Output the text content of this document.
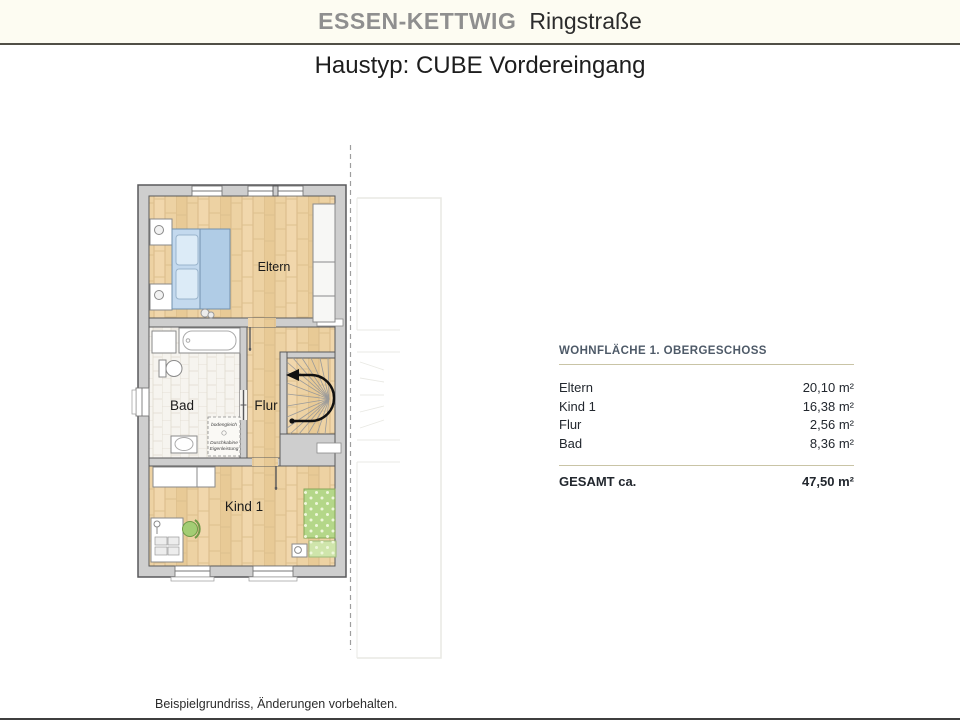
ESSEN-KETTWIG Ringstraße
Haustyp: CUBE Vordereingang
bodengleich
Duschkabine
Eigenleistung
Eltern
Bad	Flur
Kind 1
WOHNFLÄCHE 1. OBERGESCHOSS
Eltern	20,10 m²
Kind 1	16,38 m²
Flur	2,56 m²
Bad	8,36 m²
GESAMT ca.	47,50 m²
Beispielgrundriss, Änderungen vorbehalten.
